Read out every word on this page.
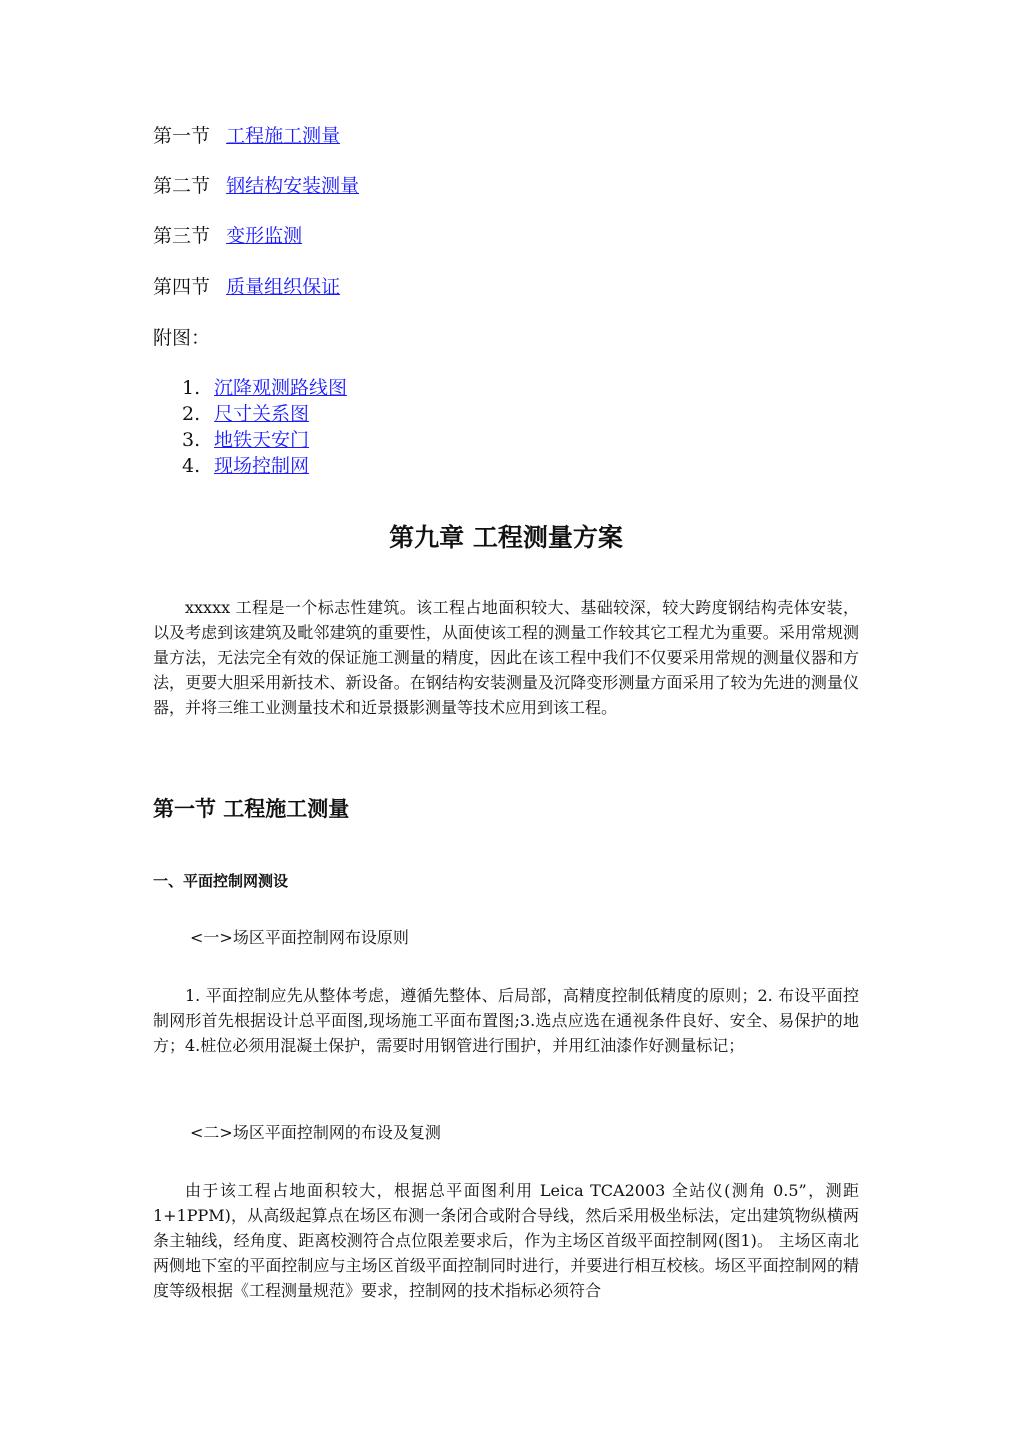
第一节 工程施工测量
第二节 钢结构安装测量
第三节 变形监测
第四节 质量组织保证
附图：
1. 沉降观测路线图
2. 尺寸关系图
3. 地铁天安门
4. 现场控制网
第九章 工程测量方案
xxxxx 工程是一个标志性建筑。该工程占地面积较大、基础较深，较大跨度钢结构壳体安装，以及考虑到该建筑及毗邻建筑的重要性，从面使该工程的测量工作较其它工程尤为重要。采用常规测量方法，无法完全有效的保证施工测量的精度，因此在该工程中我们不仅要采用常规的测量仪器和方法，更要大胆采用新技术、新设备。在钢结构安装测量及沉降变形测量方面采用了较为先进的测量仪器，并将三维工业测量技术和近景摄影测量等技术应用到该工程。
第一节 工程施工测量
一、平面控制网测设
<一>场区平面控制网布设原则
1. 平面控制应先从整体考虑，遵循先整体、后局部，高精度控制低精度的原则；2. 布设平面控制网形首先根据设计总平面图,现场施工平面布置图;3.选点应选在通视条件良好、安全、易保护的地方；4.桩位必须用混凝土保护，需要时用钢管进行围护，并用红油漆作好测量标记；
<二>场区平面控制网的布设及复测
由于该工程占地面积较大，根据总平面图利用 Leica TCA2003 全站仪(测角 0.5”，测距 1+1PPM)，从高级起算点在场区布测一条闭合或附合导线，然后采用极坐标法，定出建筑物纵横两条主轴线，经角度、距离校测符合点位限差要求后，作为主场区首级平面控制网(图1)。 主场区南北两侧地下室的平面控制应与主场区首级平面控制同时进行，并要进行相互校核。场区平面控制网的精度等级根据《工程测量规范》要求，控制网的技术指标必须符合
